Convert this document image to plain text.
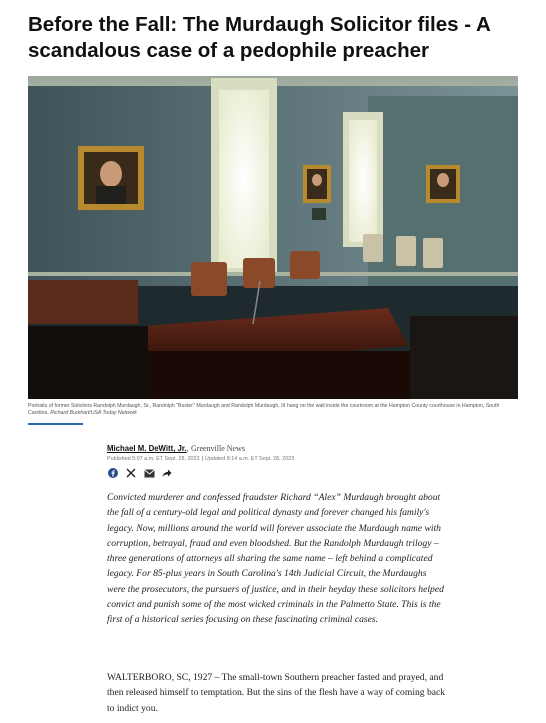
Before the Fall: The Murdaugh Solicitor files - A scandalous case of a pedophile preacher
Portraits of former Solicitors Randolph Murdaugh, Sr., Randolph "Buster" Murdaugh and Randolph Murdaugh, III hang on the wall inside the courtroom at the Hampton County courthouse in Hampton, South Carolina. Richard Burkhart/USA Today Network
Michael M. DeWitt, Jr., Greenville News
Published 5:07 a.m. ET Sept. 28, 2023 | Updated 8:14 a.m. ET Sept. 28, 2023

Convicted murderer and confessed fraudster Richard “Alex” Murdaugh brought about the fall of a century-old legal and political dynasty and forever changed his family's legacy. Now, millions around the world will forever associate the Murdaugh name with corruption, betrayal, fraud and even bloodshed. But the Randolph Murdaugh trilogy – three generations of attorneys all sharing the same name – left behind a complicated legacy. For 85-plus years in South Carolina's 14th Judicial Circuit, the Murdaughs were the prosecutors, the pursuers of justice, and in their heyday these solicitors helped convict and punish some of the most wicked criminals in the Palmetto State. This is the first of a historical series focusing on these fascinating criminal cases.

WALTERBORO, SC, 1927 – The small-town Southern preacher fasted and prayed, and then released himself to temptation. But the sins of the flesh have a way of coming back to indict you.
